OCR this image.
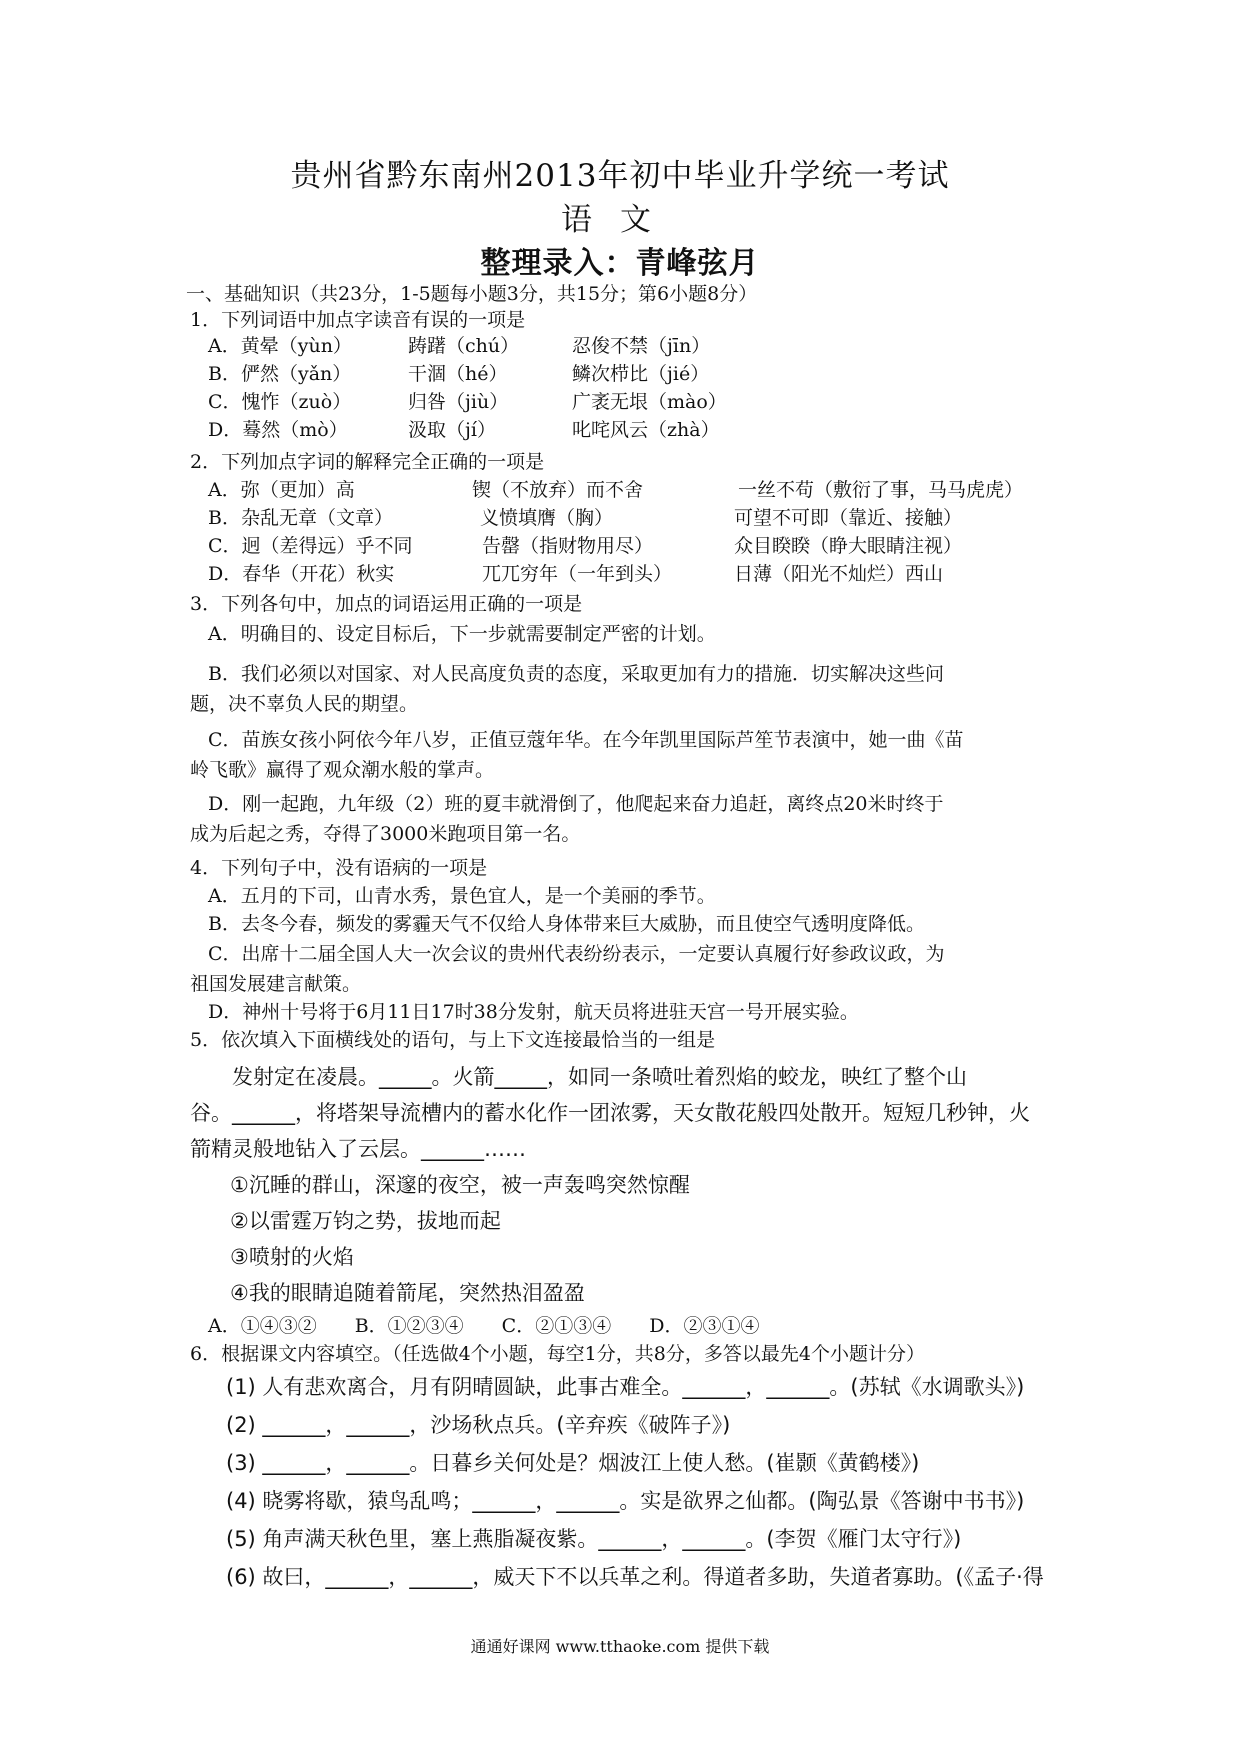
贵州省黔东南州2013年初中毕业升学统一考试
语文
整理录入：青峰弦月
一、基础知识（共23分，1-5题每小题3分，共15分；第6小题8分）
1．下列词语中加点字读音有误的一项是
A．黄晕（yùn）	踌躇（chú）	忍俊不禁（jīn）
B．俨然（yǎn）	干涸（hé）	鳞次栉比（jié）
C．愧怍（zuò）	归咎（jiù）	广袤无垠（mào）
D．蓦然（mò）	汲取（jí）	叱咤风云（zhà）
2．下列加点字词的解释完全正确的一项是
A．弥（更加）高	锲（不放弃）而不舍	一丝不苟（敷衍了事，马马虎虎）
B．杂乱无章（文章）	义愤填膺（胸）	可望不可即（靠近、接触）
C．迥（差得远）乎不同	告罄（指财物用尽）	众目睽睽（睁大眼睛注视）
D．春华（开花）秋实	兀兀穷年（一年到头）	日薄（阳光不灿烂）西山
3．下列各句中，加点的词语运用正确的一项是
A．明确目的、设定目标后，下一步就需要制定严密的计划。
B．我们必须以对国家、对人民高度负责的态度，采取更加有力的措施．切实解决这些问
题，决不辜负人民的期望。
C．苗族女孩小阿依今年八岁，正值豆蔻年华。在今年凯里国际芦笙节表演中，她一曲《苗
岭飞歌》赢得了观众潮水般的掌声。
D．刚一起跑，九年级（2）班的夏丰就滑倒了，他爬起来奋力追赶，离终点20米时终于
成为后起之秀，夺得了3000米跑项目第一名。
4．下列句子中，没有语病的一项是
A．五月的下司，山青水秀，景色宜人，是一个美丽的季节。
B．去冬今春，频发的雾霾天气不仅给人身体带来巨大威胁，而且使空气透明度降低。
C．出席十二届全国人大一次会议的贵州代表纷纷表示，一定要认真履行好参政议政，为
祖国发展建言献策。
D．神州十号将于6月11日17时38分发射，航天员将进驻天宫一号开展实验。
5．依次填入下面横线处的语句，与上下文连接最恰当的一组是
发射定在凌晨。_____。火箭_____，如同一条喷吐着烈焰的蛟龙，映红了整个山
谷。______，将塔架导流槽内的蓄水化作一团浓雾，天女散花般四处散开。短短几秒钟，火
箭精灵般地钻入了云层。______……
①沉睡的群山，深邃的夜空，被一声轰鸣突然惊醒
②以雷霆万钧之势，拔地而起
③喷射的火焰
④我的眼睛追随着箭尾，突然热泪盈盈
A．①④③②　　B．①②③④　　C．②①③④　　D．②③①④
6．根据课文内容填空。（任选做4个小题，每空1分，共8分，多答以最先4个小题计分）
(1) 人有悲欢离合，月有阴晴圆缺，此事古难全。______，______。(苏轼《水调歌头》)
(2) ______，______，沙场秋点兵。(辛弃疾《破阵子》)
(3) ______，______。日暮乡关何处是？烟波江上使人愁。(崔颢《黄鹤楼》)
(4) 晓雾将歇，猿鸟乱鸣；______，______。实是欲界之仙都。(陶弘景《答谢中书书》)
(5) 角声满天秋色里，塞上燕脂凝夜紫。______，______。(李贺《雁门太守行》)
(6) 故曰，______，______，威天下不以兵革之利。得道者多助，失道者寡助。(《孟子·得
通通好课网 www.tthaoke.com 提供下载
